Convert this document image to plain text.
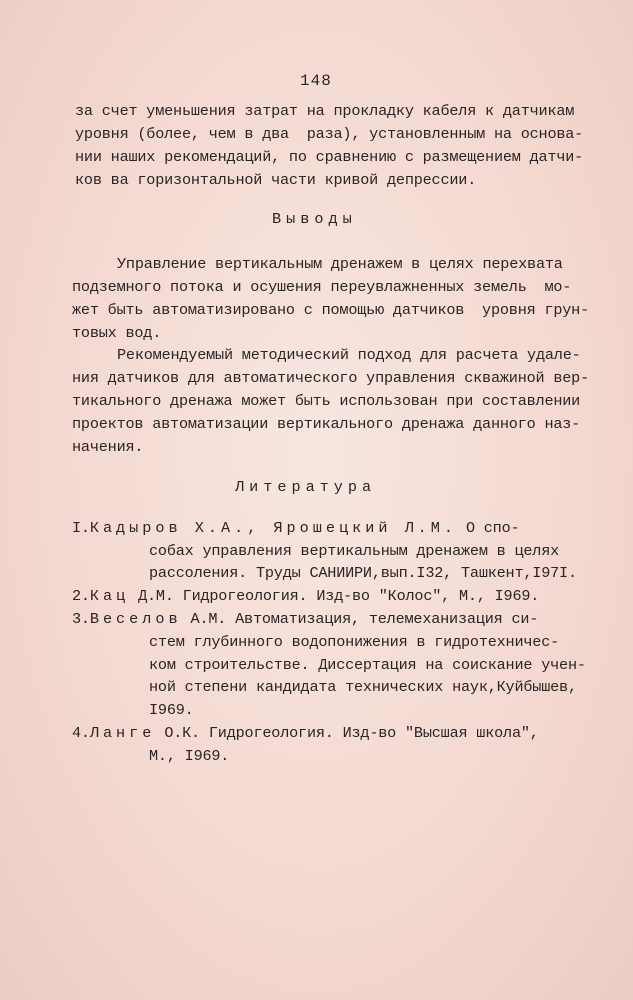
148
за счет уменьшения затрат на прокладку кабеля к датчикам
уровня (более, чем в два  раза), установленным на основа-
нии наших рекомендаций, по сравнению с размещением датчи-
ков ва горизонтальной части кривой депрессии.
Выводы
Управление вертикальным дренажем в целях перехвата
подземного потока и осушения переувлажненных земель  мо-
жет быть автоматизировано с помощью датчиков  уровня грун-
товых вод.
Рекомендуемый методический подход для расчета удале-
ния датчиков для автоматического управления скважиной вер-
тикального дренажа может быть использован при составлении
проектов автоматизации вертикального дренажа данного наз-
начения.
Литература
I.Кадыров Х.А., Ярошецкий Л.М. О спо-
собах управления вертикальным дренажем в целях
рассоления. Труды САНИИРИ,вып.I32, Ташкент,I97I.
2.Кац Д.М. Гидрогеология. Изд-во "Колос", М., I969.
3.Веселов А.М. Автоматизация, телемеханизация си-
стем глубинного водопонижения в гидротехничес-
ком строительстве. Диссертация на соискание учен-
ной степени кандидата технических наук,Куйбышев,
I969.
4.Ланге О.К. Гидрогеология. Изд-во "Высшая школа",
М., I969.
